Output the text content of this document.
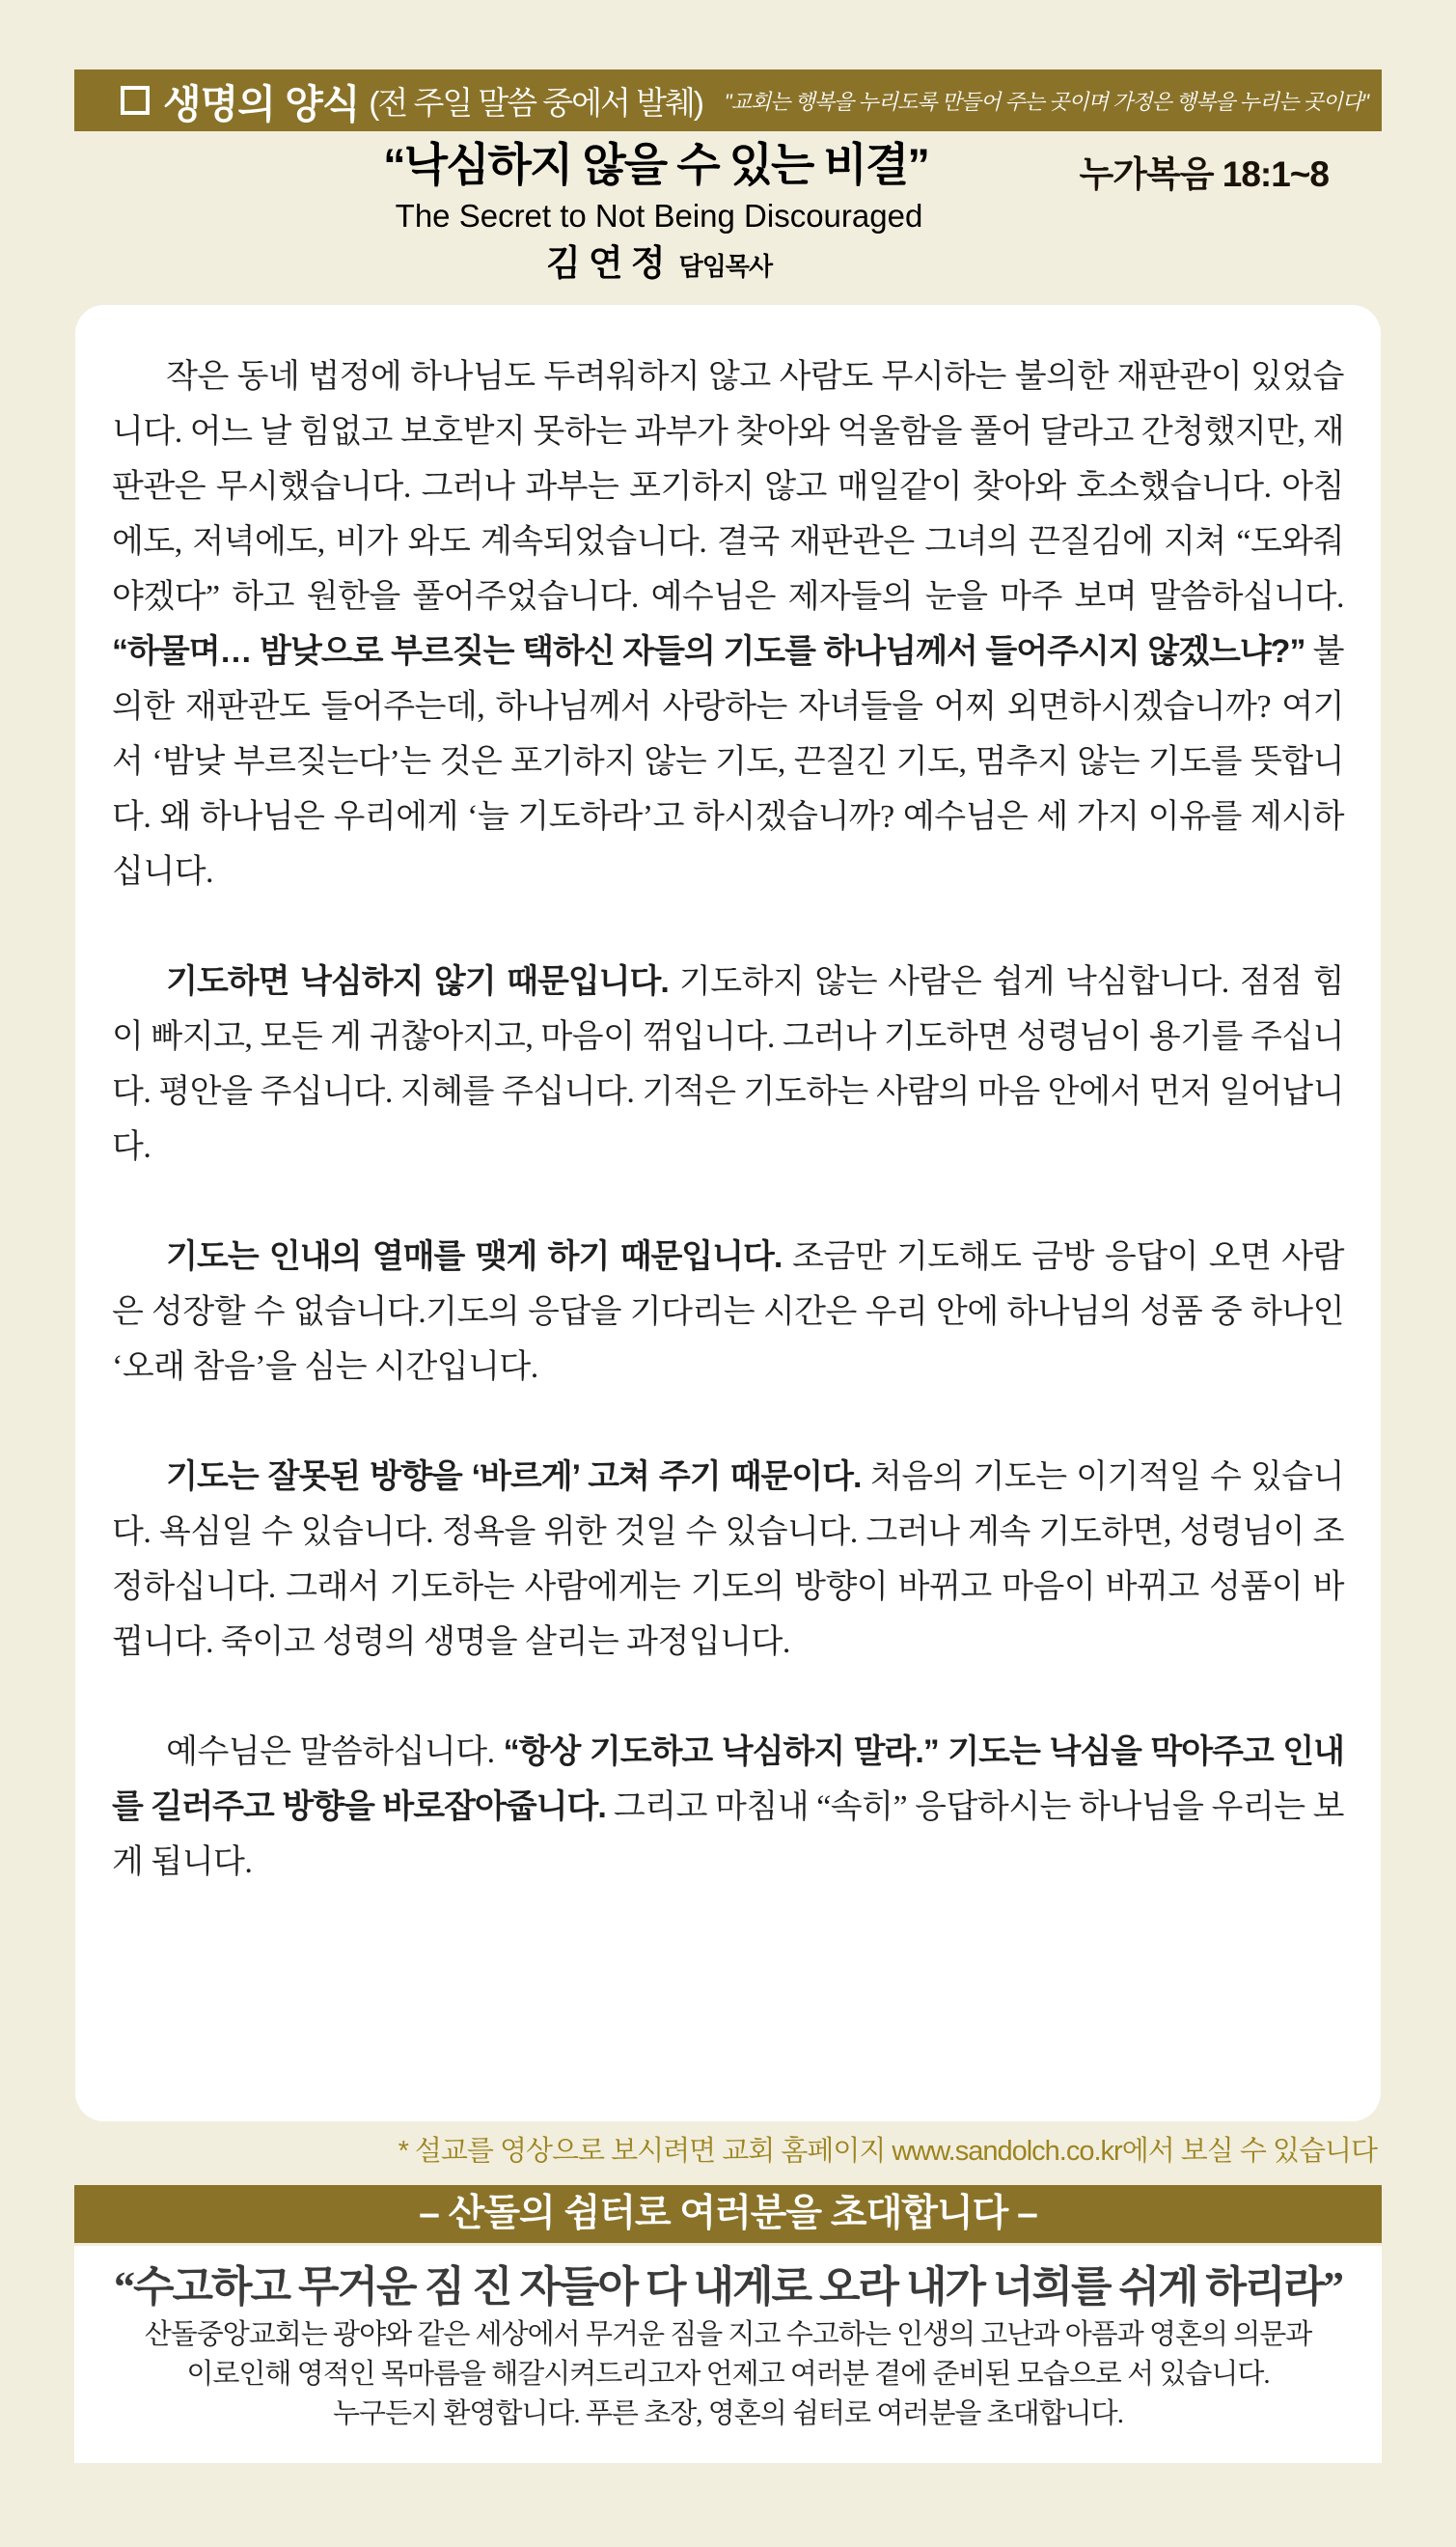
생명의 양식 (전 주일 말씀 중에서 발췌) "교회는 행복을 누리도록 만들어 주는 곳이며 가정은 행복을 누리는 곳이다"
“낙심하지 않을 수 있는 비결”	누가복음 18:1~8
The Secret to Not Being Discouraged
김연정 담임목사

작은 동네 법정에 하나님도 두려워하지 않고 사람도 무시하는 불의한 재판관이 있었습니다. 어느 날 힘없고 보호받지 못하는 과부가 찾아와 억울함을 풀어 달라고 간청했지만, 재판관은 무시했습니다. 그러나 과부는 포기하지 않고 매일같이 찾아와 호소했습니다. 아침에도, 저녁에도, 비가 와도 계속되었습니다. 결국 재판관은 그녀의 끈질김에 지쳐 “도와줘야겠다” 하고 원한을 풀어주었습니다. 예수님은 제자들의 눈을 마주 보며 말씀하십니다. “하물며… 밤낮으로 부르짖는 택하신 자들의 기도를 하나님께서 들어주시지 않겠느냐?” 불의한 재판관도 들어주는데, 하나님께서 사랑하는 자녀들을 어찌 외면하시겠습니까? 여기서 ‘밤낮 부르짖는다’는 것은 포기하지 않는 기도, 끈질긴 기도, 멈추지 않는 기도를 뜻합니다. 왜 하나님은 우리에게 ‘늘 기도하라’고 하시겠습니까? 예수님은 세 가지 이유를 제시하십니다.

기도하면 낙심하지 않기 때문입니다. 기도하지 않는 사람은 쉽게 낙심합니다. 점점 힘이 빠지고, 모든 게 귀찮아지고, 마음이 꺾입니다. 그러나 기도하면 성령님이 용기를 주십니다. 평안을 주십니다. 지혜를 주십니다. 기적은 기도하는 사람의 마음 안에서 먼저 일어납니다.

기도는 인내의 열매를 맺게 하기 때문입니다. 조금만 기도해도 금방 응답이 오면 사람은 성장할 수 없습니다.기도의 응답을 기다리는 시간은 우리 안에 하나님의 성품 중 하나인 ‘오래 참음’을 심는 시간입니다.

기도는 잘못된 방향을 ‘바르게’ 고쳐 주기 때문이다. 처음의 기도는 이기적일 수 있습니다. 욕심일 수 있습니다. 정욕을 위한 것일 수 있습니다. 그러나 계속 기도하면, 성령님이 조정하십니다. 그래서 기도하는 사람에게는 기도의 방향이 바뀌고 마음이 바뀌고 성품이 바뀝니다. 죽이고 성령의 생명을 살리는 과정입니다.

예수님은 말씀하십니다. “항상 기도하고 낙심하지 말라.” 기도는 낙심을 막아주고 인내를 길러주고 방향을 바로잡아줍니다. 그리고 마침내 “속히” 응답하시는 하나님을 우리는 보게 됩니다.

* 설교를 영상으로 보시려면 교회 홈페이지 www.sandolch.co.kr에서 보실 수 있습니다
– 산돌의 쉼터로 여러분을 초대합니다 –
“수고하고 무거운 짐 진 자들아 다 내게로 오라 내가 너희를 쉬게 하리라”
산돌중앙교회는 광야와 같은 세상에서 무거운 짐을 지고 수고하는 인생의 고난과 아픔과 영혼의 의문과
이로인해 영적인 목마름을 해갈시켜드리고자 언제고 여러분 곁에 준비된 모습으로 서 있습니다.
누구든지 환영합니다. 푸른 초장, 영혼의 쉼터로 여러분을 초대합니다.
